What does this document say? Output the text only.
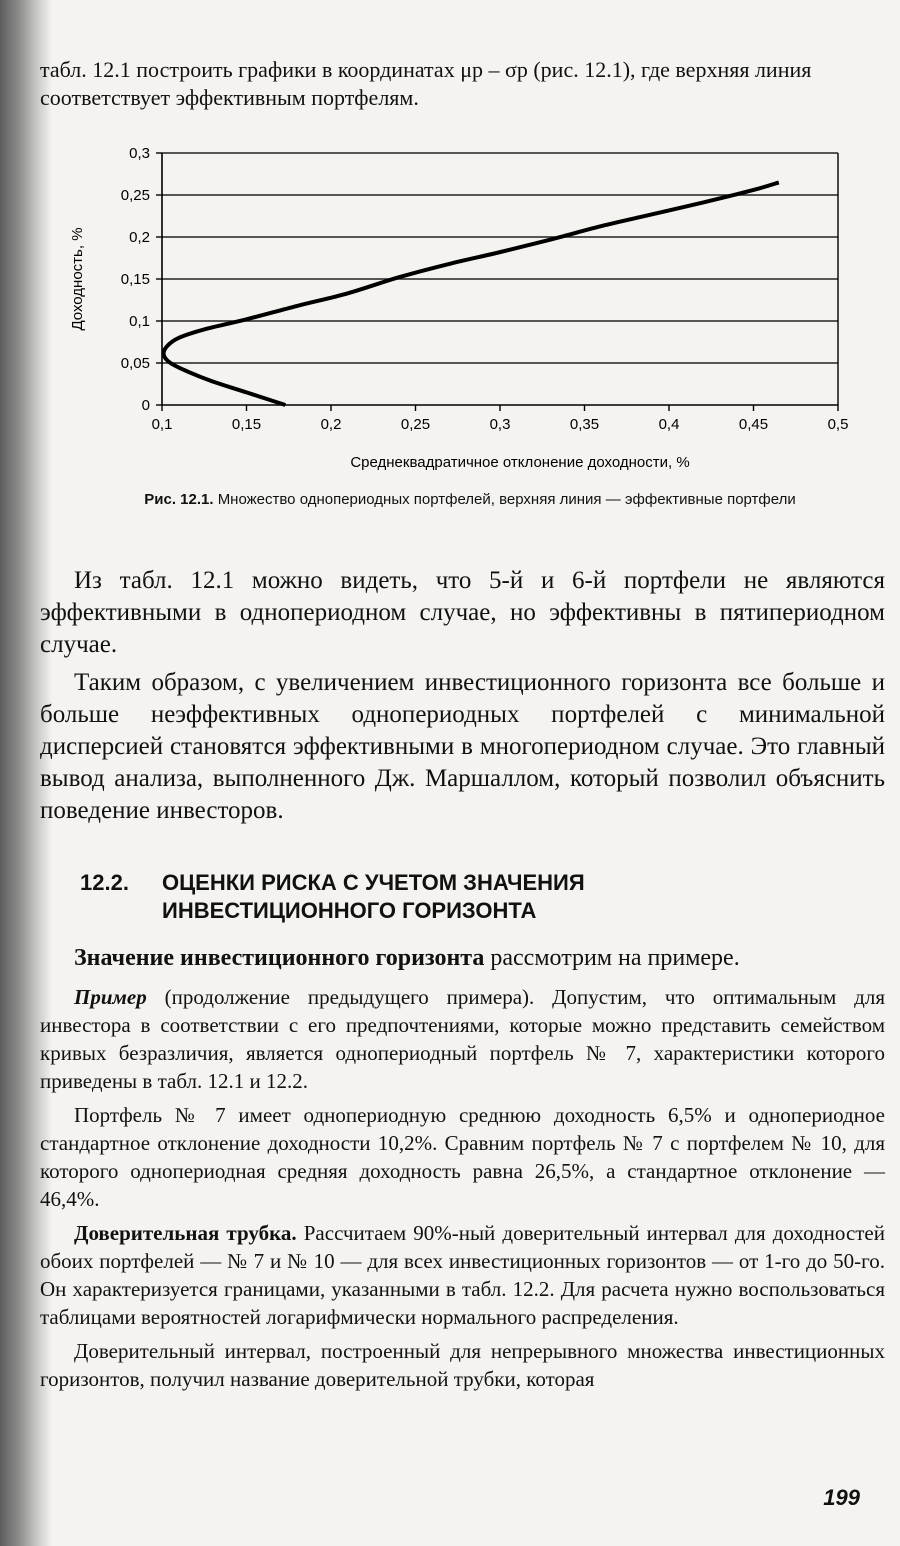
табл. 12.1 построить графики в координатах μp – σp (рис. 12.1), где верхняя линия соответствует эффективным портфелям.

0
0,05
0,1
0,15
0,2
0,25
0,3
0,1	0,15	0,2	0,25	0,3	0,35	0,4	0,45	0,5
Среднеквадратичное отклонение доходности, %
Доходность, %
Рис. 12.1. Множество однопериодных портфелей, верхняя линия — эффективные портфели

Из табл. 12.1 можно видеть, что 5-й и 6-й портфели не являются эффективными в однопериодном случае, но эффективны в пятипериодном случае.

Таким образом, с увеличением инвестиционного горизонта все больше и больше неэффективных однопериодных портфелей с минимальной дисперсией становятся эффективными в многопериодном случае. Это главный вывод анализа, выполненного Дж. Маршаллом, который позволил объяснить поведение инвесторов.

12.2. ОЦЕНКИ РИСКА С УЧЕТОМ ЗНАЧЕНИЯ
ИНВЕСТИЦИОННОГО ГОРИЗОНТА

Значение инвестиционного горизонта рассмотрим на примере.

Пример (продолжение предыдущего примера). Допустим, что оптимальным для инвестора в соответствии с его предпочтениями, которые можно представить семейством кривых безразличия, является однопериодный портфель № 7, характеристики которого приведены в табл. 12.1 и 12.2.

Портфель № 7 имеет однопериодную среднюю доходность 6,5% и однопериодное стандартное отклонение доходности 10,2%. Сравним портфель № 7 с портфелем № 10, для которого однопериодная средняя доходность равна 26,5%, а стандартное отклонение — 46,4%.

Доверительная трубка. Рассчитаем 90%-ный доверительный интервал для доходностей обоих портфелей — № 7 и № 10 — для всех инвестиционных горизонтов — от 1-го до 50-го. Он характеризуется границами, указанными в табл. 12.2. Для расчета нужно воспользоваться таблицами вероятностей логарифмически нормального распределения.

Доверительный интервал, построенный для непрерывного множества инвестиционных горизонтов, получил название доверительной трубки, которая

199
